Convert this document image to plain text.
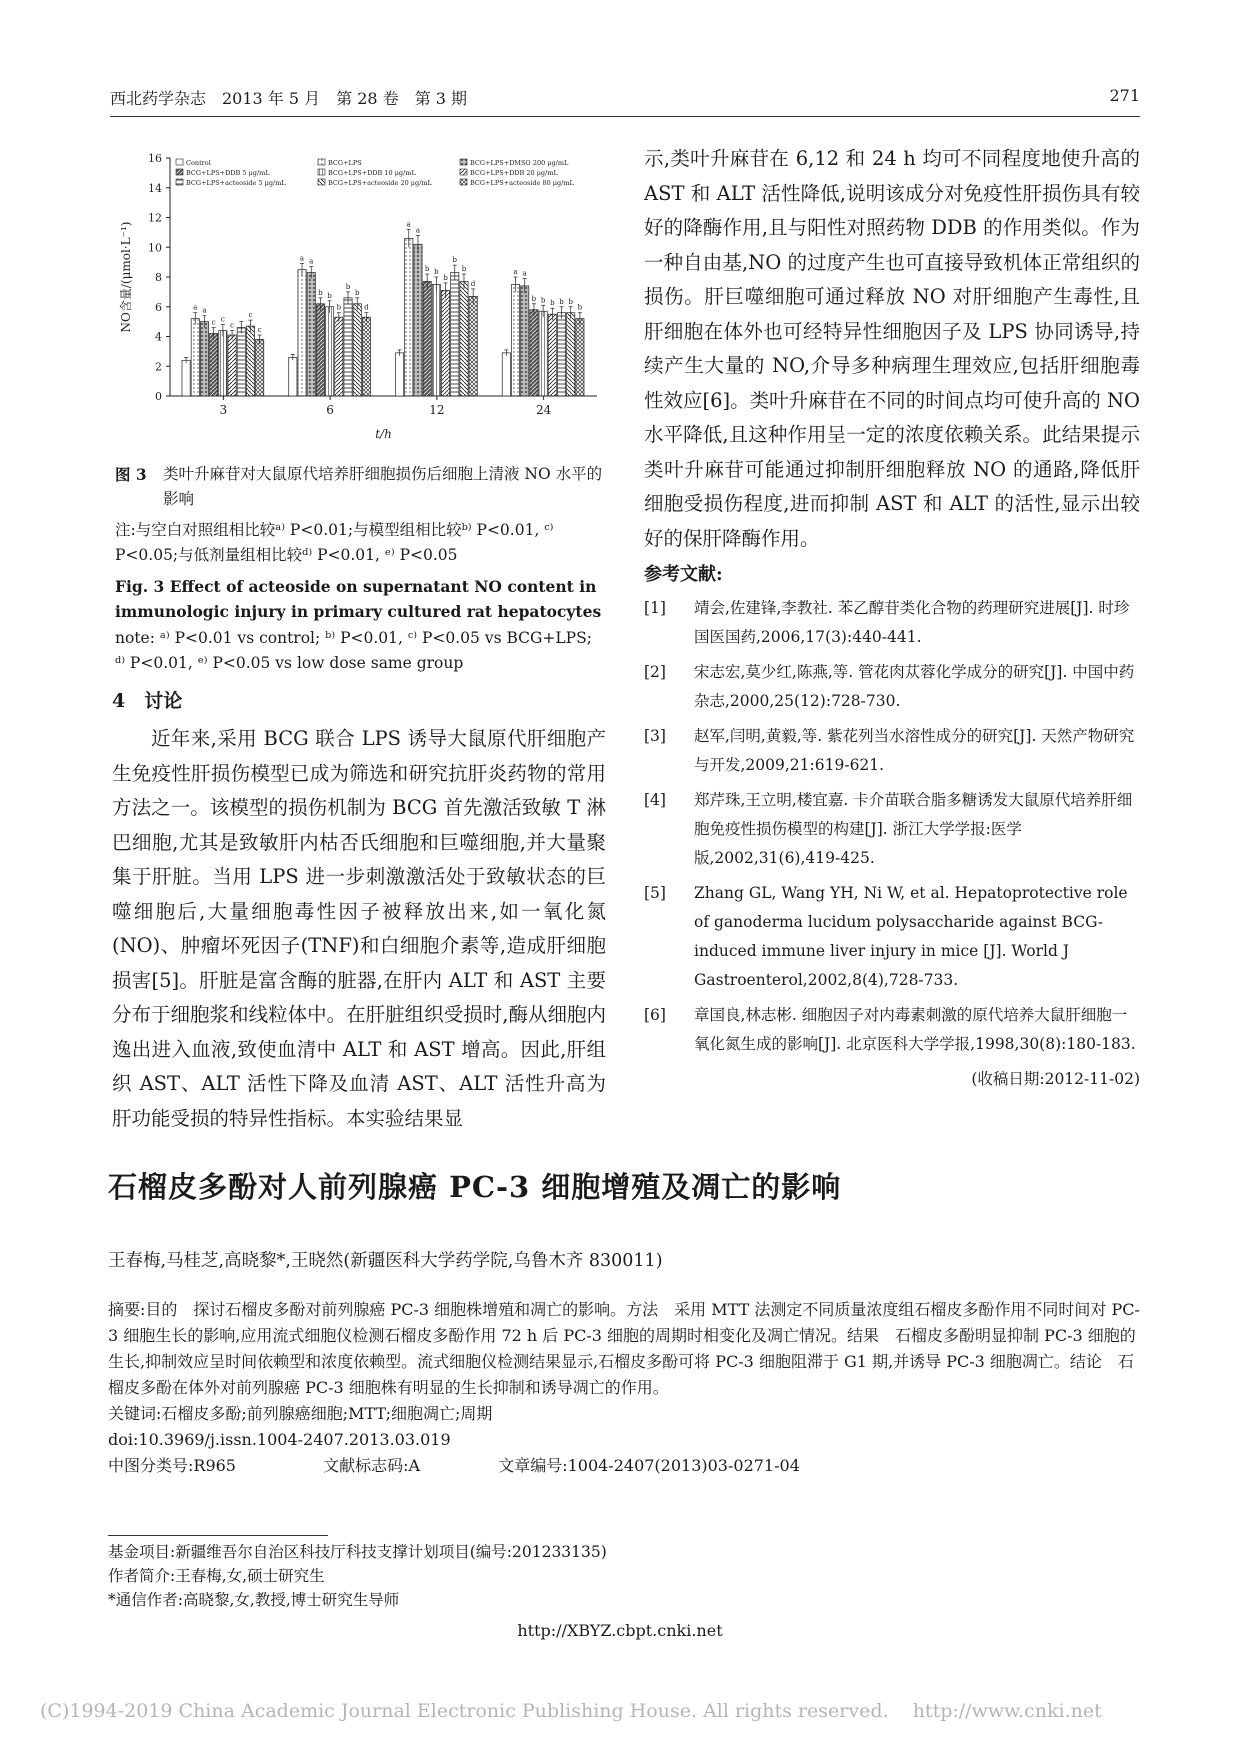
西北药学杂志　2013 年 5 月　第 28 卷　第 3 期	271
0
2
4
6
8
10
12
14
16
NO含量/(μmol·L⁻¹)
t/h
Control	BCG+LPS	BCG+LPS+DMSO 200 μg/mL
BCG+LPS+DDB 5 μg/mL	BCG+LPS+DDB 10 μg/mL	BCG+LPS+DDB 20 μg/mL
BCG+LPS+acteoside 5 μg/mL	BCG+LPS+acteoside 20 μg/mL	BCG+LPS+acteoside 80 μg/mL
a a
c c
c
c
c
3
a a
b b
b
b
b
d
6
a
a
b b
b
b
b
d
12
a a
b b b b b
b
24
图 3	类叶升麻苷对大鼠原代培养肝细胞损伤后细胞上清液 NO 水平的影响
注:与空白对照组相比较ᵃ⁾ P<0.01;与模型组相比较ᵇ⁾ P<0.01, ᶜ⁾ P<0.05;与低剂量组相比较ᵈ⁾ P<0.01, ᵉ⁾ P<0.05
Fig. 3 Effect of acteoside on supernatant NO content in immunologic injury in primary cultured rat hepatocytes
note: ᵃ⁾ P<0.01 vs control; ᵇ⁾ P<0.01, ᶜ⁾ P<0.05 vs BCG+LPS; ᵈ⁾ P<0.01, ᵉ⁾ P<0.05 vs low dose same group
4　讨论

近年来,采用 BCG 联合 LPS 诱导大鼠原代肝细胞产生免疫性肝损伤模型已成为筛选和研究抗肝炎药物的常用方法之一。该模型的损伤机制为 BCG 首先激活致敏 T 淋巴细胞,尤其是致敏肝内枯否氏细胞和巨噬细胞,并大量聚集于肝脏。当用 LPS 进一步刺激激活处于致敏状态的巨噬细胞后,大量细胞毒性因子被释放出来,如一氧化氮(NO)、肿瘤坏死因子(TNF)和白细胞介素等,造成肝细胞损害[5]。肝脏是富含酶的脏器,在肝内 ALT 和 AST 主要分布于细胞浆和线粒体中。在肝脏组织受损时,酶从细胞内逸出进入血液,致使血清中 ALT 和 AST 增高。因此,肝组织 AST、ALT 活性下降及血清 AST、ALT 活性升高为肝功能受损的特异性指标。本实验结果显

示,类叶升麻苷在 6,12 和 24 h 均可不同程度地使升高的 AST 和 ALT 活性降低,说明该成分对免疫性肝损伤具有较好的降酶作用,且与阳性对照药物 DDB 的作用类似。作为一种自由基,NO 的过度产生也可直接导致机体正常组织的损伤。肝巨噬细胞可通过释放 NO 对肝细胞产生毒性,且肝细胞在体外也可经特异性细胞因子及 LPS 协同诱导,持续产生大量的 NO,介导多种病理生理效应,包括肝细胞毒性效应[6]。类叶升麻苷在不同的时间点均可使升高的 NO 水平降低,且这种作用呈一定的浓度依赖关系。此结果提示类叶升麻苷可能通过抑制肝细胞释放 NO 的通路,降低肝细胞受损伤程度,进而抑制 AST 和 ALT 的活性,显示出较好的保肝降酶作用。

参考文献:
[1]	靖会,佐建锋,李教社. 苯乙醇苷类化合物的药理研究进展[J]. 时珍国医国药,2006,17(3):440-441.
[2]	宋志宏,莫少红,陈燕,等. 管花肉苁蓉化学成分的研究[J]. 中国中药杂志,2000,25(12):728-730.
[3]	赵军,闫明,黄毅,等. 紫花列当水溶性成分的研究[J]. 天然产物研究与开发,2009,21:619-621.
[4]	郑芹珠,王立明,楼宜嘉. 卡介苗联合脂多糖诱发大鼠原代培养肝细胞免疫性损伤模型的构建[J]. 浙江大学学报:医学版,2002,31(6),419-425.
[5]	Zhang GL, Wang YH, Ni W, et al. Hepatoprotective role of ganoderma lucidum polysaccharide against BCG-induced immune liver injury in mice [J]. World J Gastroenterol,2002,8(4),728-733.
[6]	章国良,林志彬. 细胞因子对内毒素刺激的原代培养大鼠肝细胞一氧化氮生成的影响[J]. 北京医科大学学报,1998,30(8):180-183.
(收稿日期:2012-11-02)
石榴皮多酚对人前列腺癌 PC-3 细胞增殖及凋亡的影响
王春梅,马桂芝,高晓黎*,王晓然(新疆医科大学药学院,乌鲁木齐 830011)
摘要:目的　探讨石榴皮多酚对前列腺癌 PC-3 细胞株增殖和凋亡的影响。方法　采用 MTT 法测定不同质量浓度组石榴皮多酚作用不同时间对 PC-3 细胞生长的影响,应用流式细胞仪检测石榴皮多酚作用 72 h 后 PC-3 细胞的周期时相变化及凋亡情况。结果　石榴皮多酚明显抑制 PC-3 细胞的生长,抑制效应呈时间依赖型和浓度依赖型。流式细胞仪检测结果显示,石榴皮多酚可将 PC-3 细胞阻滞于 G1 期,并诱导 PC-3 细胞凋亡。结论　石榴皮多酚在体外对前列腺癌 PC-3 细胞株有明显的生长抑制和诱导凋亡的作用。
关键词:石榴皮多酚;前列腺癌细胞;MTT;细胞凋亡;周期
doi:10.3969/j.issn.1004-2407.2013.03.019
中图分类号:R965	文献标志码:A	文章编号:1004-2407(2013)03-0271-04
基金项目:新疆维吾尔自治区科技厅科技支撑计划项目(编号:201233135)
作者简介:王春梅,女,硕士研究生
*通信作者:高晓黎,女,教授,博士研究生导师
http://XBYZ.cbpt.cnki.net
(C)1994-2019 China Academic Journal Electronic Publishing House. All rights reserved.    http://www.cnki.net
